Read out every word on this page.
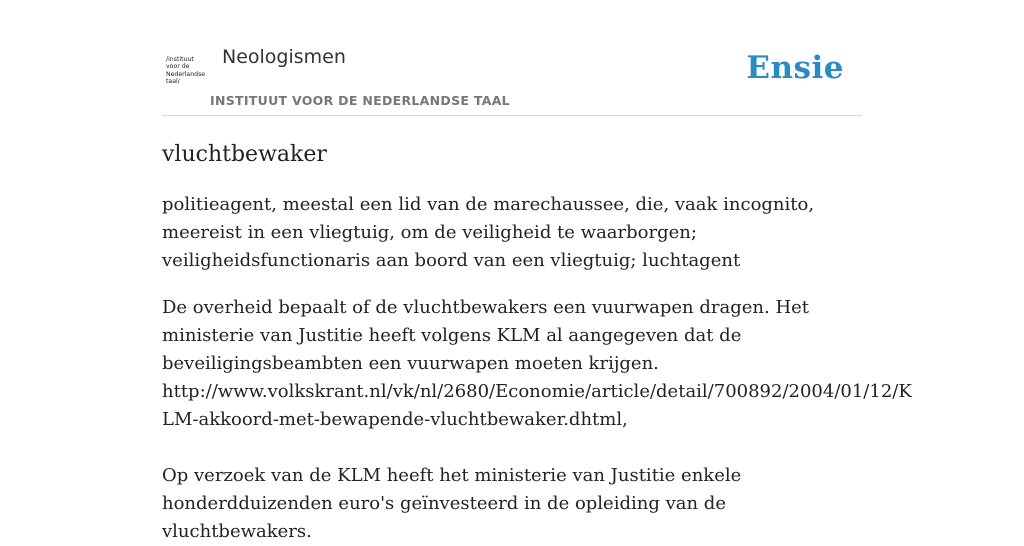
/instituut
voor de
Nederlandse
taal/
Neologismen
INSTITUUT VOOR DE NEDERLANDSE TAAL
Ensie
vluchtbewaker

politieagent, meestal een lid van de marechaussee, die, vaak incognito, meereist in een vliegtuig, om de veiligheid te waarborgen; veiligheidsfunctionaris aan boord van een vliegtuig; luchtagent

De overheid bepaalt of de vluchtbewakers een vuurwapen dragen. Het ministerie van Justitie heeft volgens KLM al aangegeven dat de beveiligingsbeambten een vuurwapen moeten krijgen.
http://www.volkskrant.nl/vk/nl/2680/Economie/article/detail/700892/2004/01/12/KLM-akkoord-met-bewapende-vluchtbewaker.dhtml,

Op verzoek van de KLM heeft het ministerie van Justitie enkele honderdduizenden euro's geïnvesteerd in de opleiding van de vluchtbewakers.
